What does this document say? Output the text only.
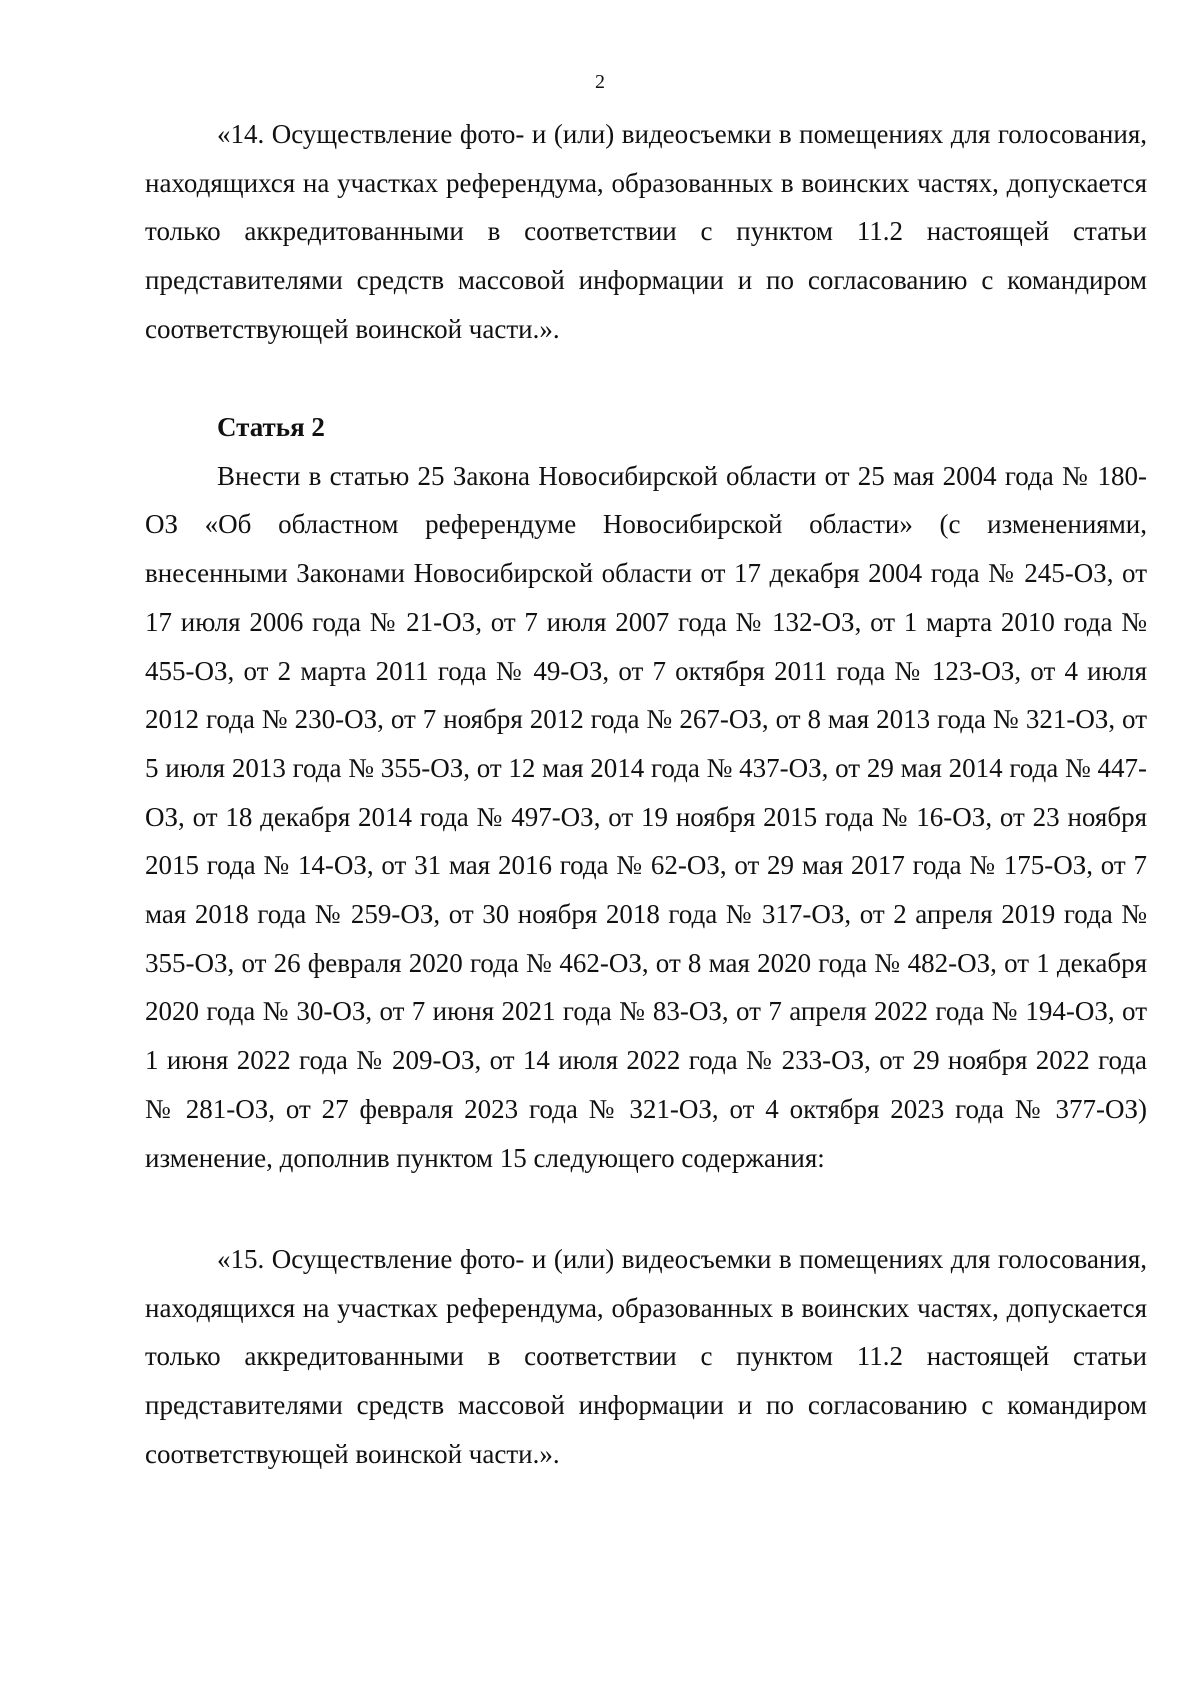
2

«14. Осуществление фото- и (или) видеосъемки в помещениях для голосования, находящихся на участках референдума, образованных в воинских частях, допускается только аккредитованными в соответствии с пунктом 11.2 настоящей статьи представителями средств массовой информации и по согласованию с командиром соответствующей воинской части.».

Статья 2

Внести в статью 25 Закона Новосибирской области от 25 мая 2004 года № 180-ОЗ «Об областном референдуме Новосибирской области» (с изменениями, внесенными Законами Новосибирской области от 17 декабря 2004 года № 245-ОЗ, от 17 июля 2006 года № 21-ОЗ, от 7 июля 2007 года № 132-ОЗ, от 1 марта 2010 года № 455-ОЗ, от 2 марта 2011 года № 49-ОЗ, от 7 октября 2011 года № 123-ОЗ, от 4 июля 2012 года № 230-ОЗ, от 7 ноября 2012 года № 267-ОЗ, от 8 мая 2013 года № 321-ОЗ, от 5 июля 2013 года № 355-ОЗ, от 12 мая 2014 года № 437-ОЗ, от 29 мая 2014 года № 447-ОЗ, от 18 декабря 2014 года № 497-ОЗ, от 19 ноября 2015 года № 16-ОЗ, от 23 ноября 2015 года № 14-ОЗ, от 31 мая 2016 года № 62-ОЗ, от 29 мая 2017 года № 175-ОЗ, от 7 мая 2018 года № 259-ОЗ, от 30 ноября 2018 года № 317-ОЗ, от 2 апреля 2019 года № 355-ОЗ, от 26 февраля 2020 года № 462-ОЗ, от 8 мая 2020 года № 482-ОЗ, от 1 декабря 2020 года № 30-ОЗ, от 7 июня 2021 года № 83-ОЗ, от 7 апреля 2022 года № 194-ОЗ, от 1 июня 2022 года № 209-ОЗ, от 14 июля 2022 года № 233-ОЗ, от 29 ноября 2022 года № 281-ОЗ, от 27 февраля 2023 года № 321-ОЗ, от 4 октября 2023 года № 377-ОЗ) изменение, дополнив пунктом 15 следующего содержания:

«15. Осуществление фото- и (или) видеосъемки в помещениях для голосования, находящихся на участках референдума, образованных в воинских частях, допускается только аккредитованными в соответствии с пунктом 11.2 настоящей статьи представителями средств массовой информации и по согласованию с командиром соответствующей воинской части.».
